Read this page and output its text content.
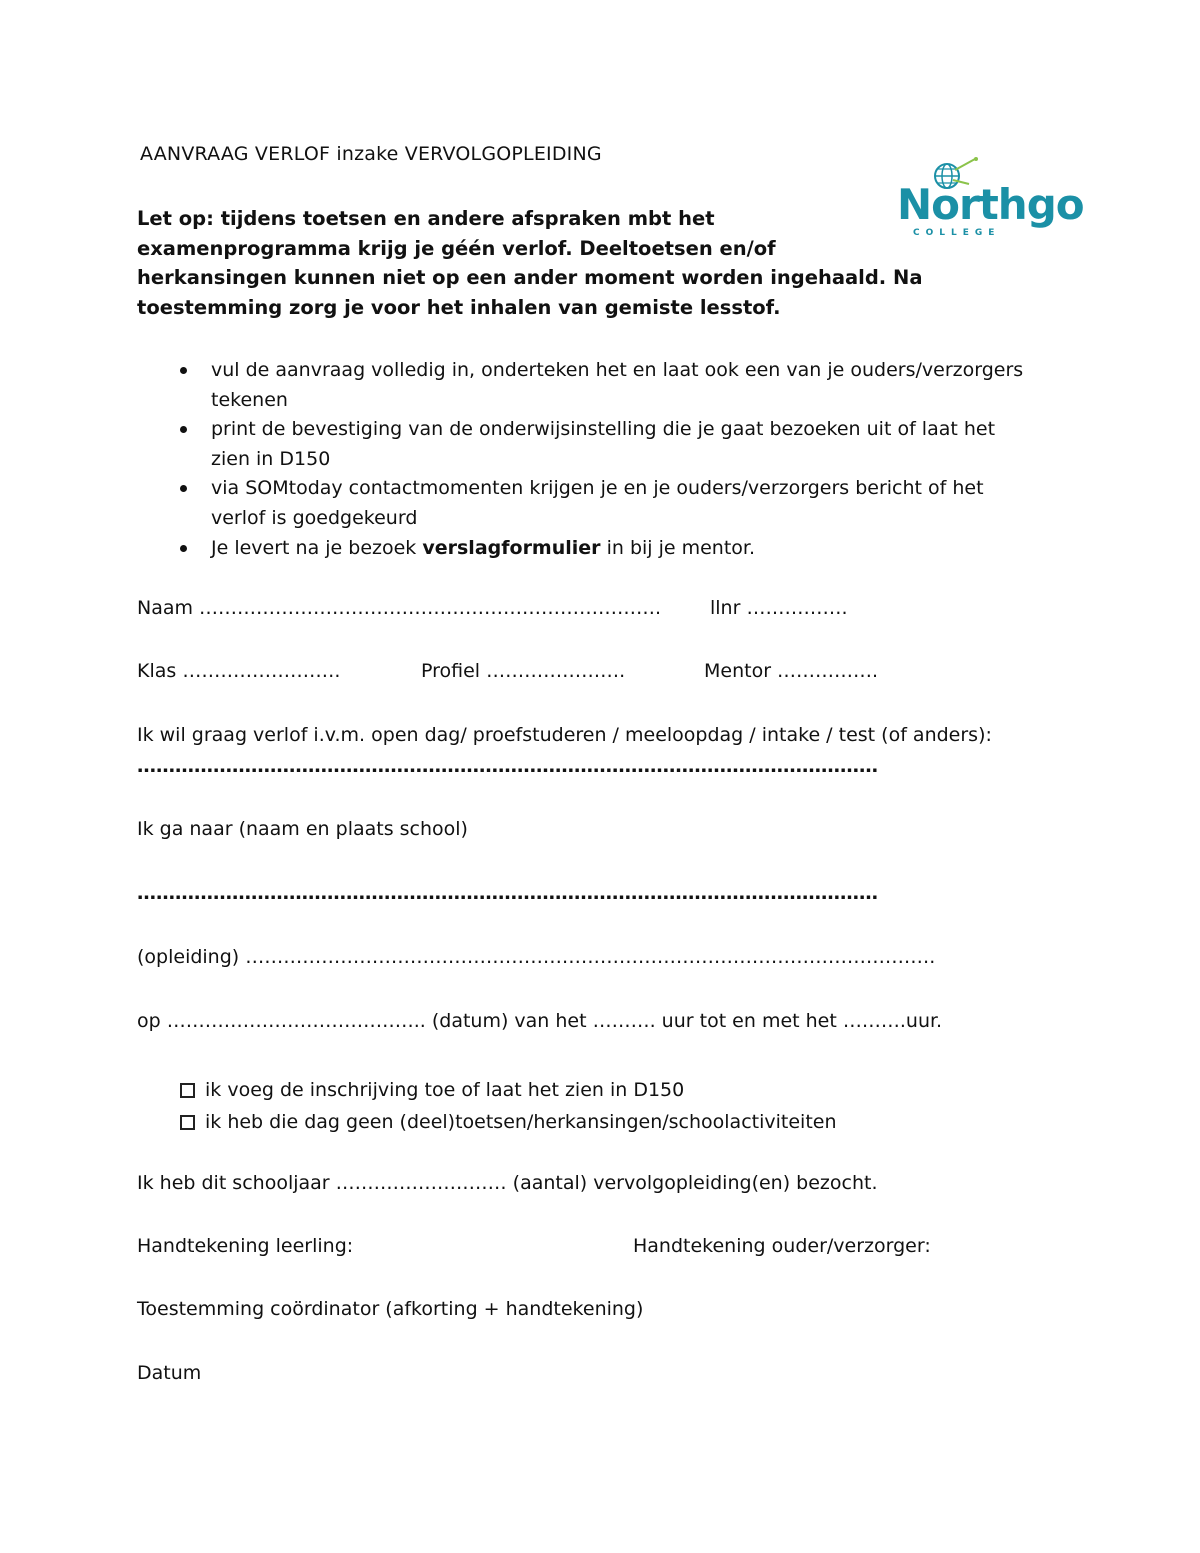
AANVRAAG VERLOF inzake VERVOLGOPLEIDING
Northgo
COLLEGE
Let op: tijdens toetsen en andere afspraken mbt het
examenprogramma krijg je géén verlof. Deeltoetsen en/of
herkansingen kunnen niet op een ander moment worden ingehaald. Na
toestemming zorg je voor het inhalen van gemiste lesstof.
vul de aanvraag volledig in, onderteken het en laat ook een van je ouders/verzorgers
tekenen
print de bevestiging van de onderwijsinstelling die je gaat bezoeken uit of laat het
zien in D150
via SOMtoday contactmomenten krijgen je en je ouders/verzorgers bericht of het
verlof is goedgekeurd
Je levert na je bezoek verslagformulier in bij je mentor.
Naam ……………………………………………………………….	llnr …………….
Klas …………………….	Profiel ………………….	Mentor …………….
Ik wil graag verlof i.v.m. open dag/ proefstuderen / meeloopdag / intake / test (of anders):
………………………………………………………………………………………………………
Ik ga naar (naam en plaats school)
………………………………………………………………………………………………………
(opleiding) ……………………………………………………………………………………………….
op ………………………………….. (datum) van het ………. uur tot en met het ……….uur.
ik voeg de inschrijving toe of laat het zien in D150
ik heb die dag geen (deel)toetsen/herkansingen/schoolactiviteiten
Ik heb dit schooljaar ……………………… (aantal) vervolgopleiding(en) bezocht.
Handtekening leerling:	Handtekening ouder/verzorger:
Toestemming coördinator (afkorting + handtekening)
Datum
